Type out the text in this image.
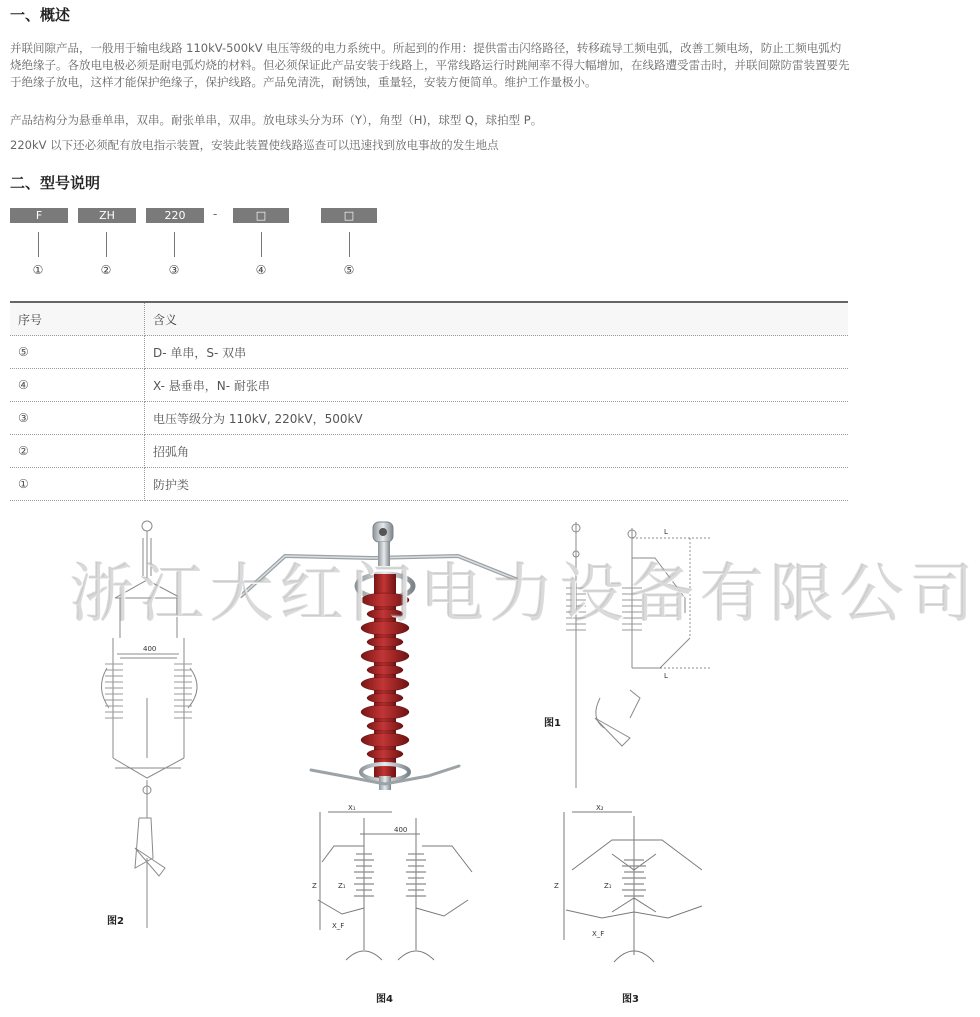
一、概述

并联间隙产品，一般用于输电线路 110kV-500kV 电压等级的电力系统中。所起到的作用：提供雷击闪络路径，转移疏导工频电弧，改善工频电场，防止工频电弧灼烧绝缘子。各放电电极必须是耐电弧灼烧的材料。但必须保证此产品安装于线路上，平常线路运行时跳闸率不得大幅增加，在线路遭受雷击时，并联间隙防雷装置要先于绝缘子放电，这样才能保护绝缘子，保护线路。产品免清洗，耐锈蚀，重量轻，安装方便简单。维护工作量极小。

产品结构分为悬垂单串，双串。耐张单串，双串。放电球头分为环（Y），角型（H)，球型 Q，球拍型 P。

220kV 以下还必须配有放电指示装置，安装此装置使线路巡查可以迅速找到放电事故的发生地点

二、型号说明
F	ZH	220	-	□	□
①	②	③	④	⑤
序号	含义
⑤	D- 单串，S- 双串
④	X- 悬垂串，N- 耐张串
③	电压等级分为 110kV, 220kV，500kV
②	招弧角
①	防护类
400
图2
L
L
图1
X₁
400
Z	Z₁
X_F
图4
X₂
Z	Z₁
X_F
图3
浙江大红门电力设备有限公司
